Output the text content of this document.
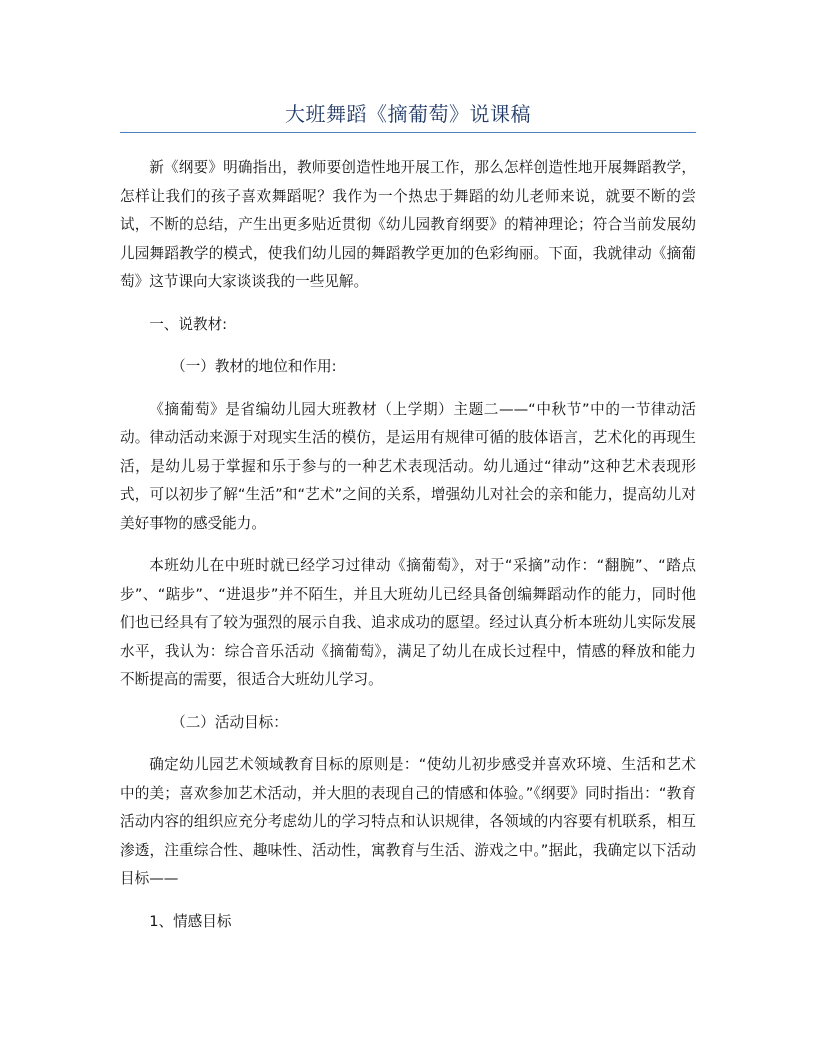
大班舞蹈《摘葡萄》说课稿

新《纲要》明确指出，教师要创造性地开展工作，那么怎样创造性地开展舞蹈教学，怎样让我们的孩子喜欢舞蹈呢？我作为一个热忠于舞蹈的幼儿老师来说，就要不断的尝试，不断的总结，产生出更多贴近贯彻《幼儿园教育纲要》的精神理论；符合当前发展幼儿园舞蹈教学的模式，使我们幼儿园的舞蹈教学更加的色彩绚丽。下面，我就律动《摘葡萄》这节课向大家谈谈我的一些见解。

一、说教材:

（一）教材的地位和作用:

《摘葡萄》是省编幼儿园大班教材（上学期）主题二——“中秋节”中的一节律动活动。律动活动来源于对现实生活的模仿，是运用有规律可循的肢体语言，艺术化的再现生活，是幼儿易于掌握和乐于参与的一种艺术表现活动。幼儿通过“律动”这种艺术表现形式，可以初步了解“生活”和“艺术”之间的关系，增强幼儿对社会的亲和能力，提高幼儿对美好事物的感受能力。

本班幼儿在中班时就已经学习过律动《摘葡萄》，对于“采摘”动作：“翻腕”、“踏点步”、“踮步”、“进退步”并不陌生，并且大班幼儿已经具备创编舞蹈动作的能力，同时他们也已经具有了较为强烈的展示自我、追求成功的愿望。经过认真分析本班幼儿实际发展水平，我认为：综合音乐活动《摘葡萄》，满足了幼儿在成长过程中，情感的释放和能力不断提高的需要，很适合大班幼儿学习。

（二）活动目标：

确定幼儿园艺术领域教育目标的原则是：“使幼儿初步感受并喜欢环境、生活和艺术中的美；喜欢参加艺术活动，并大胆的表现自己的情感和体验。”《纲要》同时指出：“教育活动内容的组织应充分考虑幼儿的学习特点和认识规律，各领域的内容要有机联系，相互渗透，注重综合性、趣味性、活动性，寓教育与生活、游戏之中。”据此，我确定以下活动目标——

1、情感目标
